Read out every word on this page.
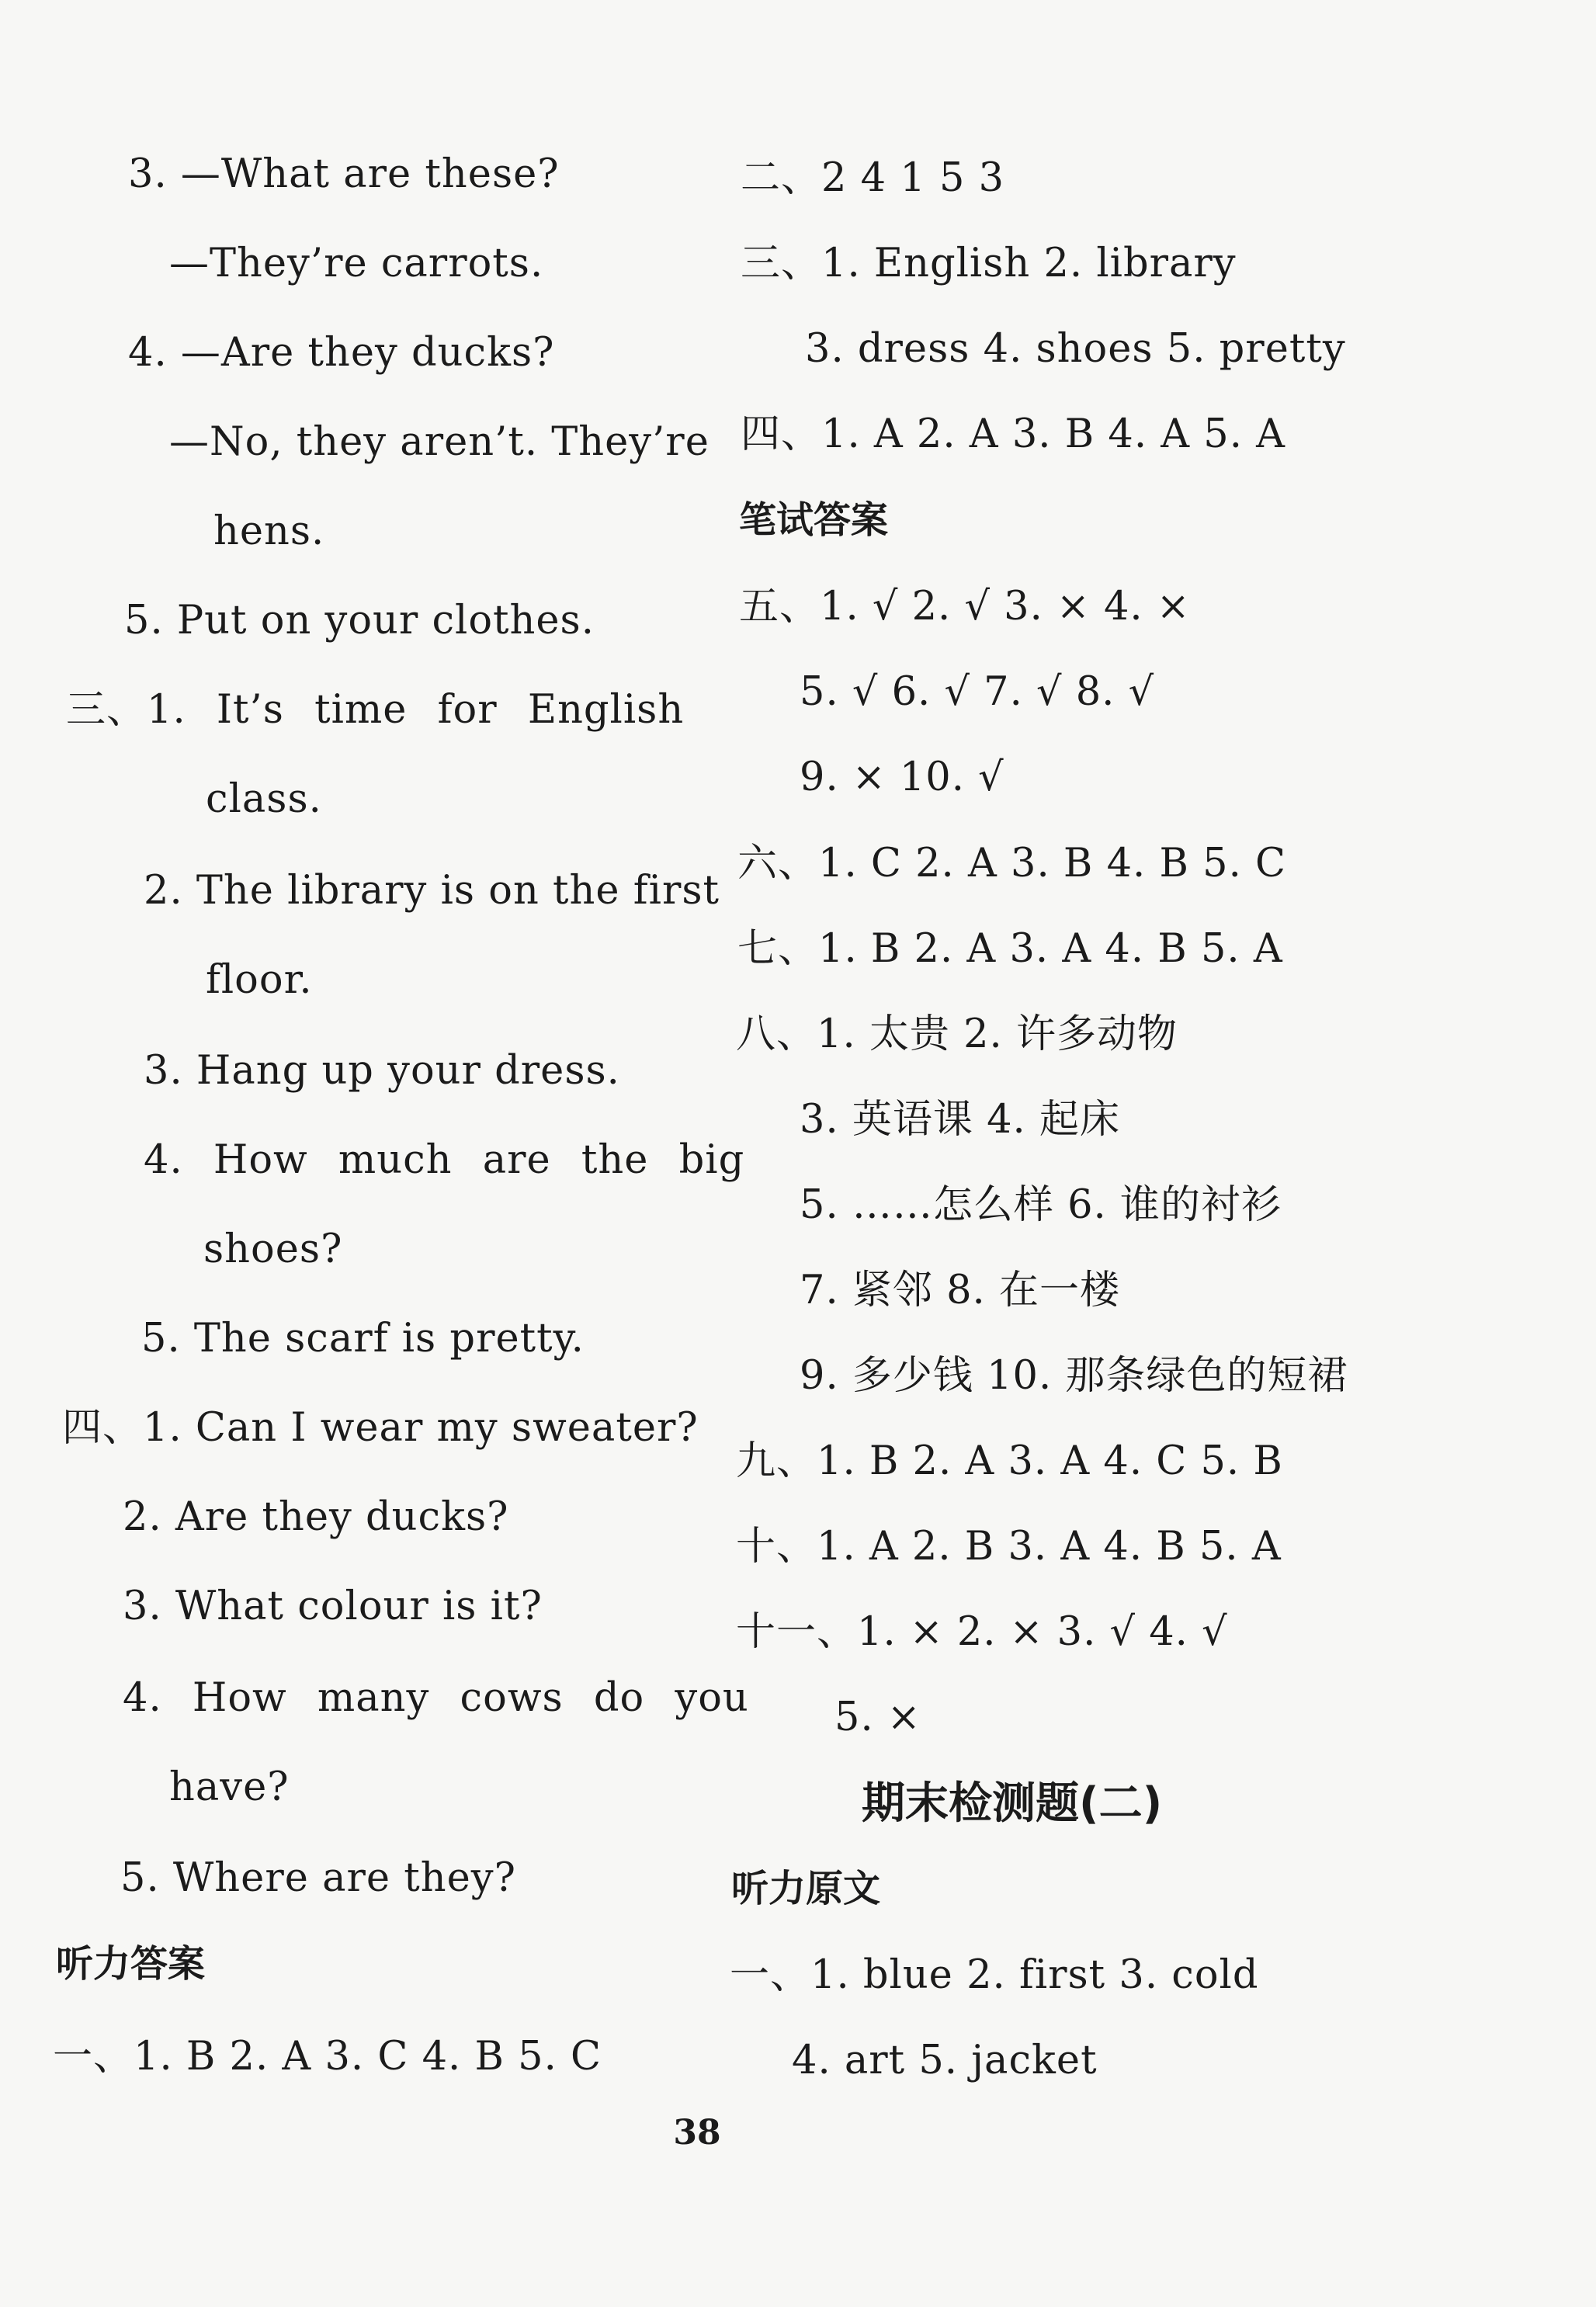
3. —What are these?
—They’re carrots.
4. —Are they ducks?
—No, they aren’t. They’re
hens.
5. Put on your clothes.
三、1. It’s time for English
class.
2. The library is on the first
floor.
3. Hang up your dress.
4. How much are the big
shoes?
5. The scarf is pretty.
四、1. Can I wear my sweater?
2. Are they ducks?
3. What colour is it?
4. How many cows do you
have?
5. Where are they?
听力答案
一、1. B 2. A 3. C 4. B 5. C
二、2 4 1 5 3
三、1. English 2. library
3. dress 4. shoes 5. pretty
四、1. A 2. A 3. B 4. A 5. A
笔试答案
五、1. √ 2. √ 3. × 4. ×
5. √ 6. √ 7. √ 8. √
9. × 10. √
六、1. C 2. A 3. B 4. B 5. C
七、1. B 2. A 3. A 4. B 5. A
八、1. 太贵 2. 许多动物
3. 英语课 4. 起床
5. ……怎么样 6. 谁的衬衫
7. 紧邻 8. 在一楼
9. 多少钱 10. 那条绿色的短裙
九、1. B 2. A 3. A 4. C 5. B
十、1. A 2. B 3. A 4. B 5. A
十一、1. × 2. × 3. √ 4. √
5. ×
期末检测题(二)
听力原文
一、1. blue 2. first 3. cold
4. art 5. jacket
38
